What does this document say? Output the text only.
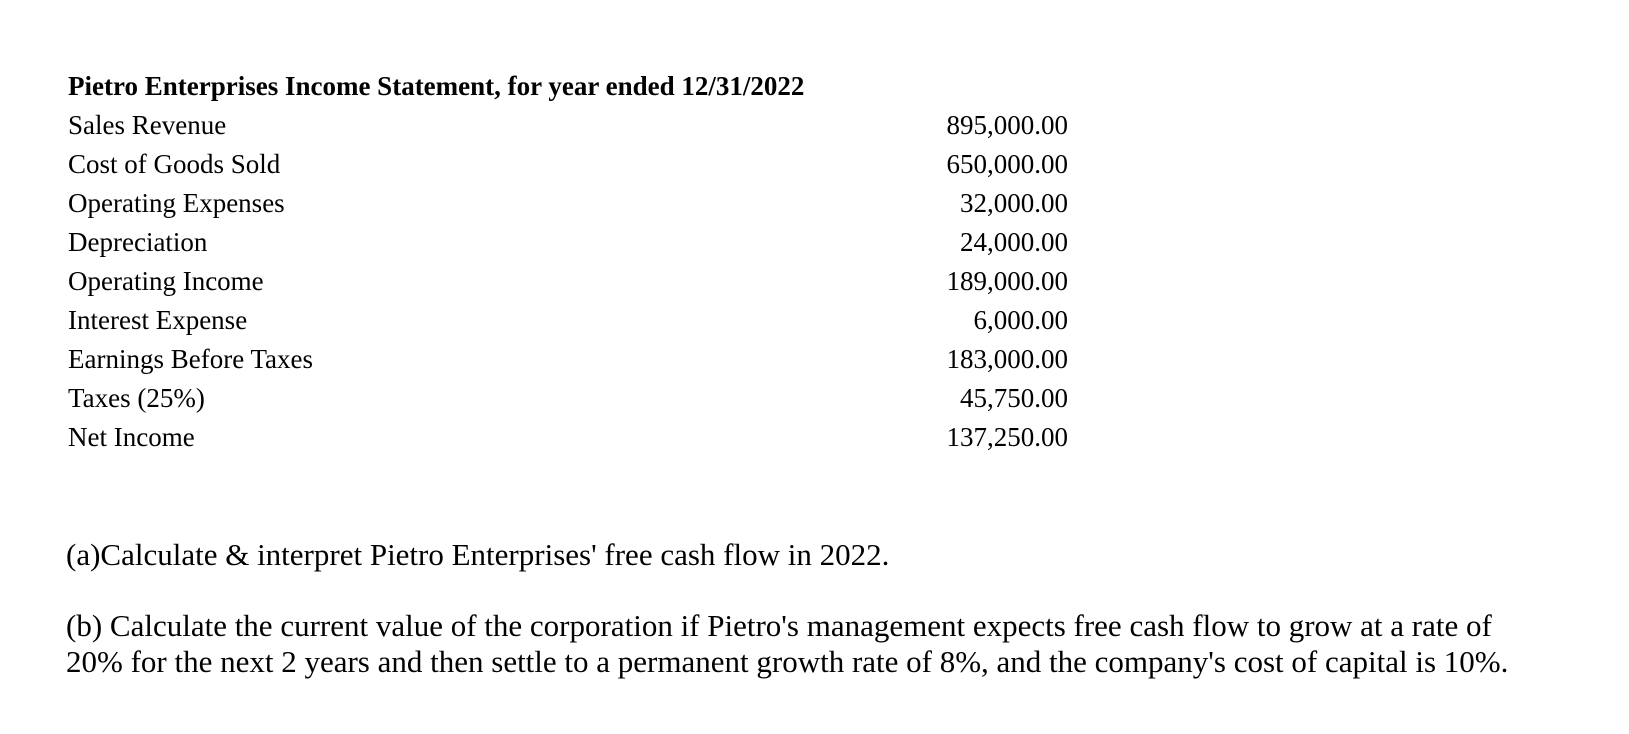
Pietro Enterprises Income Statement, for year ended 12/31/2022
Sales Revenue	895,000.00
Cost of Goods Sold	650,000.00
Operating Expenses	32,000.00
Depreciation	24,000.00
Operating Income	189,000.00
Interest Expense	6,000.00
Earnings Before Taxes	183,000.00
Taxes (25%)	45,750.00
Net Income	137,250.00
(a)Calculate & interpret Pietro Enterprises' free cash flow in 2022.
(b) Calculate the current value of the corporation if Pietro's management expects free cash flow to grow at a rate of 20% for the next 2 years and then settle to a permanent growth rate of 8%, and the company's cost of capital is 10%.
